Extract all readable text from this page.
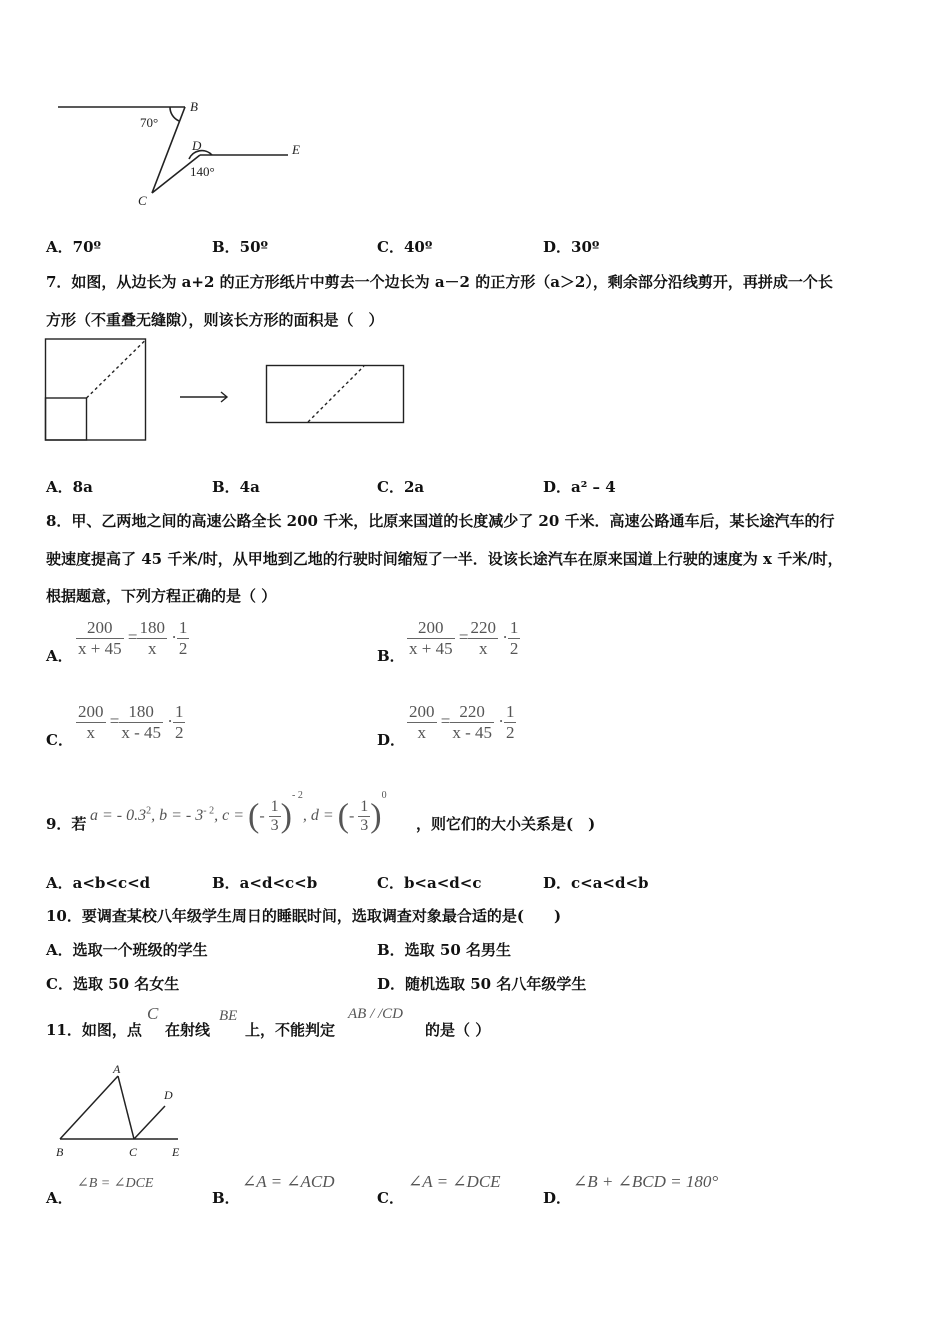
B
D	E
C
70°
140°
A．70º	B．50º	C．40º	D．30º
7．如图，从边长为 a+2 的正方形纸片中剪去一个边长为 a－2 的正方形（a＞2），剩余部分沿线剪开，再拼成一个长
方形（不重叠无缝隙），则该长方形的面积是（　）
A．8a	B．4a	C．2a	D．a² – 4
8．甲、乙两地之间的高速公路全长 200 千米，比原来国道的长度减少了 20 千米．高速公路通车后，某长途汽车的行
驶速度提高了 45 千米/时，从甲地到乙地的行驶时间缩短了一半．设该长途汽车在原来国道上行驶的速度为 x 千米/时，
根据题意，下列方程正确的是（ ）
A． $\frac{200}{x + 45} = \frac{180}{x} \cdot \frac{1}{2}$	B． $\frac{200}{x + 45} = \frac{220}{x} \cdot \frac{1}{2}$
C． $\frac{200}{x} = \frac{180}{x - 45} \cdot \frac{1}{2}$	D． $\frac{200}{x} = \frac{220}{x - 45} \cdot \frac{1}{2}$
9．若 a = - $0.3^2$, b = - $3^{- 2}$, c = (- $\frac{1}{3} )^{- 2}$, d = (- $\frac{1}{3} )^0$
，则它们的大小关系是(　)
A．a<b<c<d	B．a<d<c<b	C．b<a<d<c	D．c<a<d<b
10．要调查某校八年级学生周日的睡眠时间，选取调查对象最合适的是(　　)
A．选取一个班级的学生	B．选取 50 名男生
C．选取 50 名女生	D．随机选取 50 名八年级学生
11．如图，点
C
在射线
BE
上，不能判定
AB / /CD
的是（ ）
A
B	C
D
E
A．
∠B = ∠DCE
B．
∠A = ∠ACD
C．
∠A = ∠DCE
D．
∠B + ∠BCD = 180°
